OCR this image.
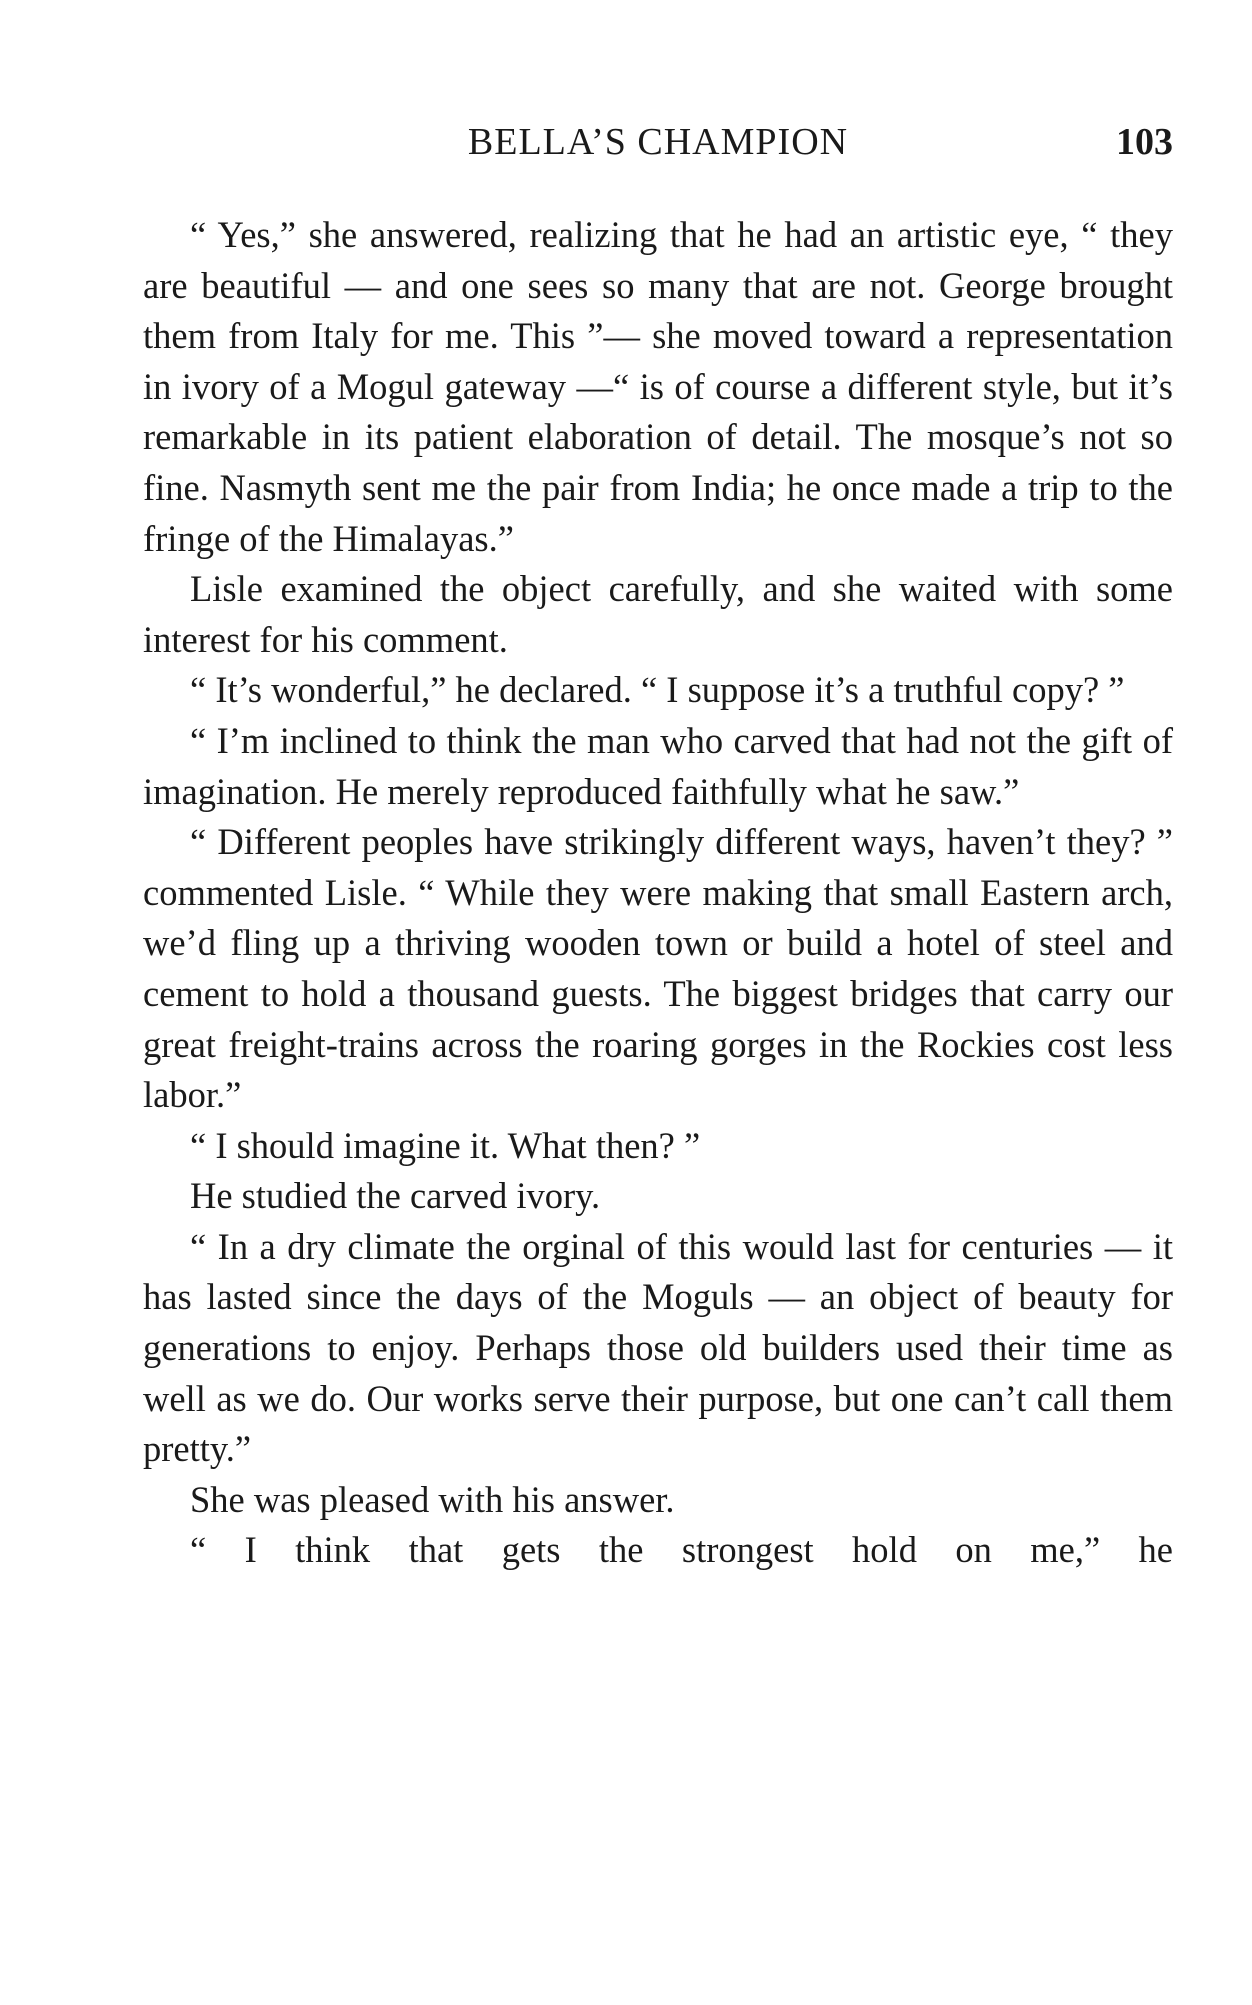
BELLA’S CHAMPION	103

“ Yes,” she answered, realizing that he had an artistic eye, “ they are beautiful — and one sees so many that are not. George brought them from Italy for me. This ”— she moved toward a representation in ivory of a Mogul gateway —“ is of course a different style, but it’s remarkable in its patient elaboration of detail. The mosque’s not so fine. Nasmyth sent me the pair from India; he once made a trip to the fringe of the Himalayas.”

Lisle examined the object carefully, and she waited with some interest for his comment.

“ It’s wonderful,” he declared. “ I suppose it’s a truthful copy? ”

“ I’m inclined to think the man who carved that had not the gift of imagination. He merely reproduced faithfully what he saw.”

“ Different peoples have strikingly different ways, haven’t they? ” commented Lisle. “ While they were making that small Eastern arch, we’d fling up a thriving wooden town or build a hotel of steel and cement to hold a thousand guests. The biggest bridges that carry our great freight-trains across the roaring gorges in the Rockies cost less labor.”

“ I should imagine it. What then? ”

He studied the carved ivory.

“ In a dry climate the orginal of this would last for centuries — it has lasted since the days of the Moguls — an object of beauty for generations to enjoy. Perhaps those old builders used their time as well as we do. Our works serve their purpose, but one can’t call them pretty.”

She was pleased with his answer.

“ I think that gets the strongest hold on me,” he
